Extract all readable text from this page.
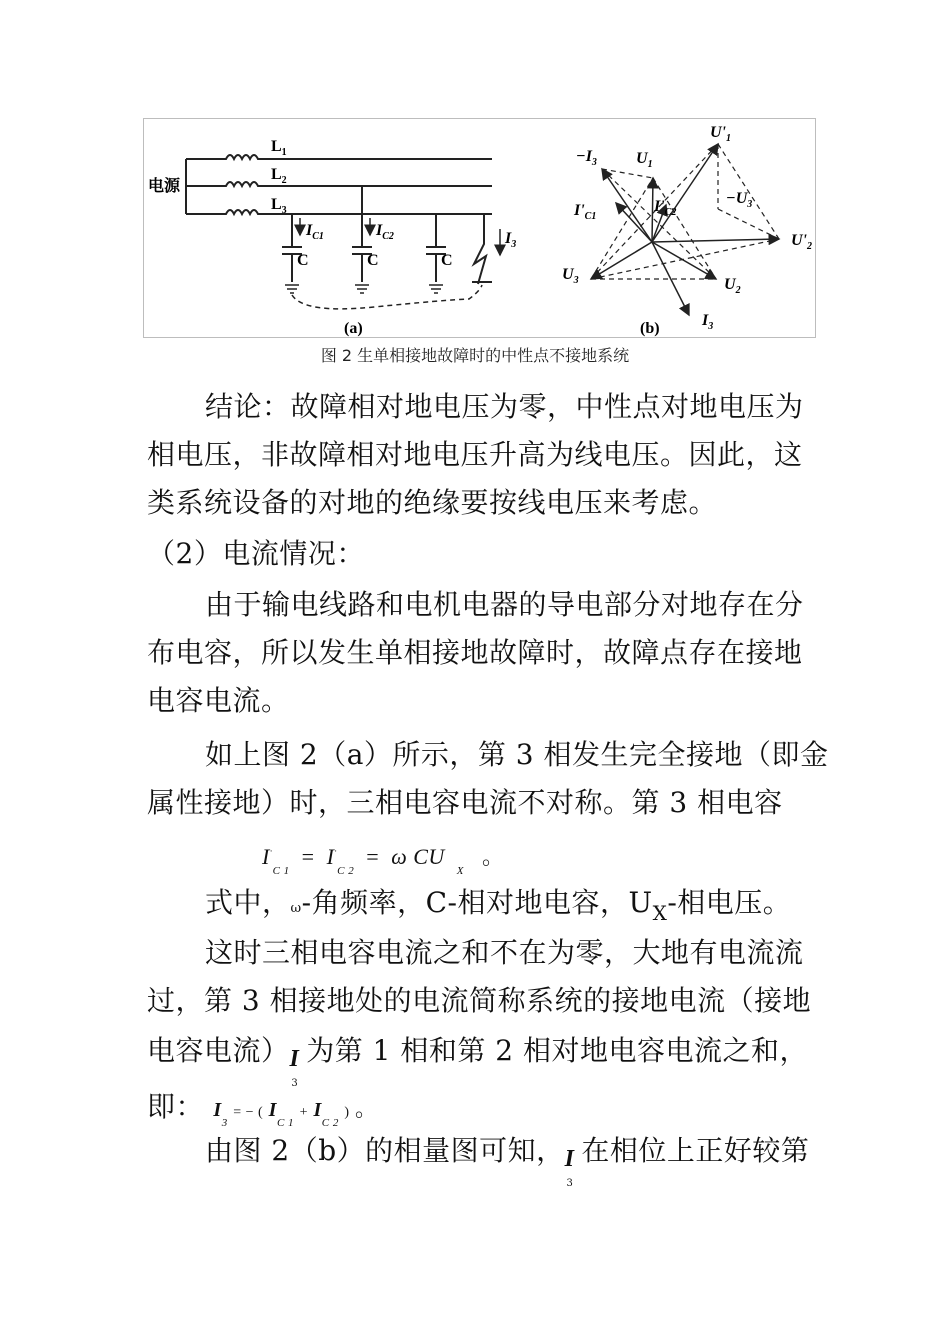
电源
$L_1$
$L_2$
$L_3$
$I_{C1}$	$I_{C2}$	$I_3$
C	C	C
(a)
$U'_1$
$-I_3$ $U_1$
$-U_3$
$I'_{C1}$
$I'_{C2}$
$U'_2$
$U_3$	$U_2$
$I_3$
(b)
图 2 生单相接地故障时的中性点不接地系统
结论：故障相对地电压为零，中性点对地电压为
相电压，非故障相对地电压升高为线电压。因此，这
类系统设备的对地的绝缘要按线电压来考虑。
（2）电流情况：
由于输电线路和电机电器的导电部分对地存在分
布电容，所以发生单相接地故障时，故障点存在接地
电容电流。
如上图 2（a）所示，第 3 相发生完全接地（即金
属性接地）时，三相电容电流不对称。第 3 相电容
$I^\cdot_{C 1} = I^\cdot_{C 2} = \omega$ CU  $_X$   。
式中，ω-角频率，C-相对地电容，$U_X-$相电压。
这时三相电容电流之和不在为零，大地有电流流
过，第 3 相接地处的电流简称系统的接地电流（接地
电容电流）$I_3$为第 1 相和第 2 相对地电容电流之和，
即： $I_3$ = − ( $I_{C 1} + I_{C 2}$ ) 。
由图 2（b）的相量图可知，$I_3$在相位上正好较第
